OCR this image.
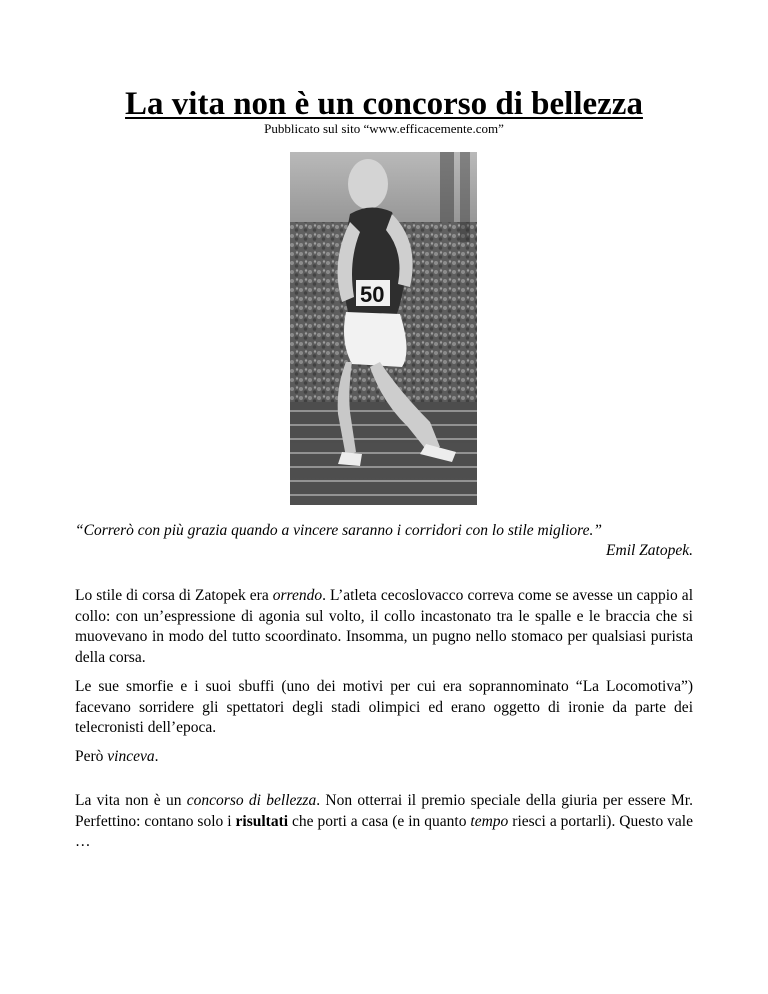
La vita non è un concorso di bellezza
Pubblicato sul sito “www.efficacemente.com”
50
“Correrò con più grazia quando a vincere saranno i corridori con lo stile migliore.”
Emil Zatopek.

Lo stile di corsa di Zatopek era orrendo. L’atleta cecoslovacco correva come se avesse un cappio al collo: con un’espressione di agonia sul volto, il collo incastonato tra le spalle e le braccia che si muovevano in modo del tutto scoordinato. Insomma, un pugno nello stomaco per qualsiasi purista della corsa.

Le sue smorfie e i suoi sbuffi (uno dei motivi per cui era soprannominato “La Locomotiva”) facevano sorridere gli spettatori degli stadi olimpici ed erano oggetto di ironie da parte dei telecronisti dell’epoca.

Però vinceva.

La vita non è un concorso di bellezza. Non otterrai il premio speciale della giuria per essere Mr. Perfettino: contano solo i risultati che porti a casa (e in quanto tempo riesci a portarli). Questo vale …
